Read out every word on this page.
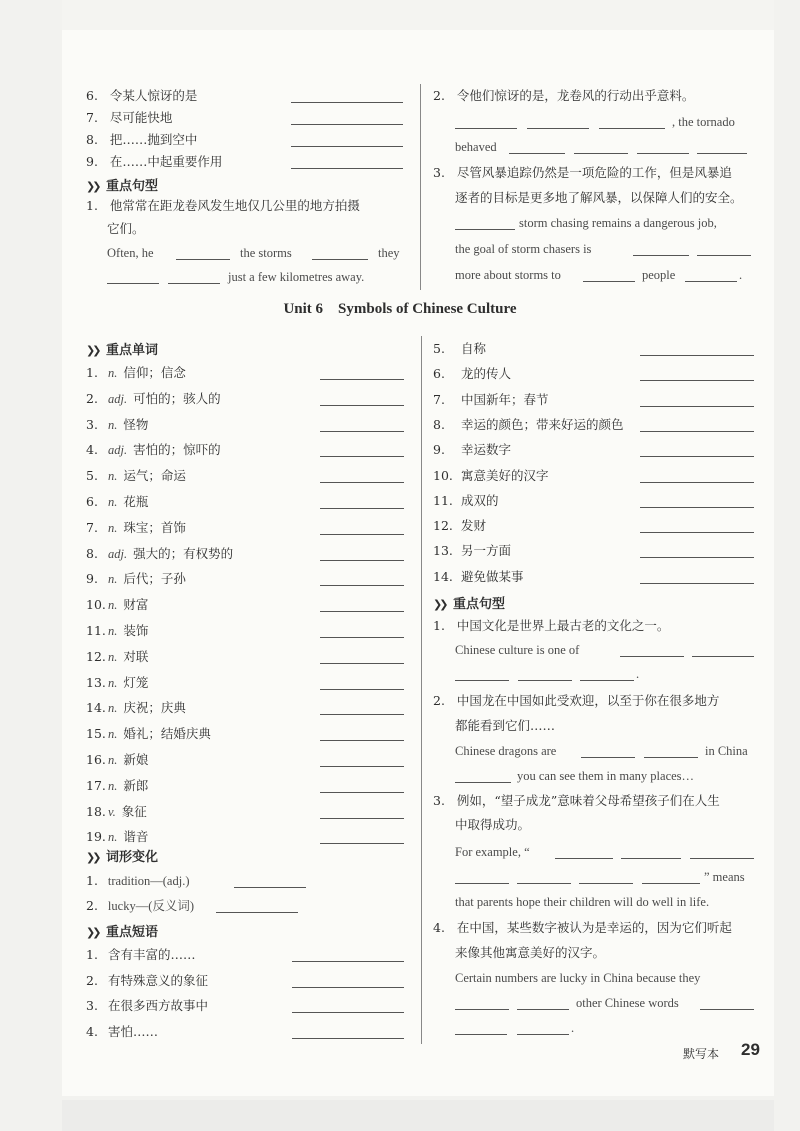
6. 令某人惊讶的是
7. 尽可能快地
8. 把……抛到空中
9. 在……中起重要作用
❯❯ 重点句型
1. 他常常在距龙卷风发生地仅几公里的地方拍摄
它们。
Often, he	the storms	they
just a few kilometres away.
2. 令他们惊讶的是，龙卷风的行动出乎意料。
, the tornado
behaved
3. 尽管风暴追踪仍然是一项危险的工作，但是风暴追
逐者的目标是更多地了解风暴，以保障人们的安全。
storm chasing remains a dangerous job,
the goal of storm chasers is
more about storms to	people	.
Unit 6    Symbols of Chinese Culture
❯❯ 重点单词
1. n. 信仰；信念
2. adj. 可怕的；骇人的
3. n. 怪物
4. adj. 害怕的；惊吓的
5. n. 运气；命运
6. n. 花瓶
7. n. 珠宝；首饰
8. adj. 强大的；有权势的
9. n. 后代；子孙
10. n. 财富
11. n. 装饰
12. n. 对联
13. n. 灯笼
14. n. 庆祝；庆典
15. n. 婚礼；结婚庆典
16. n. 新娘
17. n. 新郎
18. v. 象征
19. n. 谐音
❯❯ 词形变化
1. tradition—(adj.)
2. lucky—(反义词)
❯❯ 重点短语
1. 含有丰富的……
2. 有特殊意义的象征
3. 在很多西方故事中
4. 害怕……
5. 自称
6. 龙的传人
7. 中国新年；春节
8. 幸运的颜色；带来好运的颜色
9. 幸运数字
10. 寓意美好的汉字
11. 成双的
12. 发财
13. 另一方面
14. 避免做某事
❯❯ 重点句型
1. 中国文化是世界上最古老的文化之一。
Chinese culture is one of
.
2. 中国龙在中国如此受欢迎，以至于你在很多地方
都能看到它们……
Chinese dragons are	in China
you can see them in many places…
3. 例如，“望子成龙”意味着父母希望孩子们在人生
中取得成功。
For example, “
” means
that parents hope their children will do well in life.
4. 在中国，某些数字被认为是幸运的，因为它们听起
来像其他寓意美好的汉字。
Certain numbers are lucky in China because they
other Chinese words
.
默写本 29
